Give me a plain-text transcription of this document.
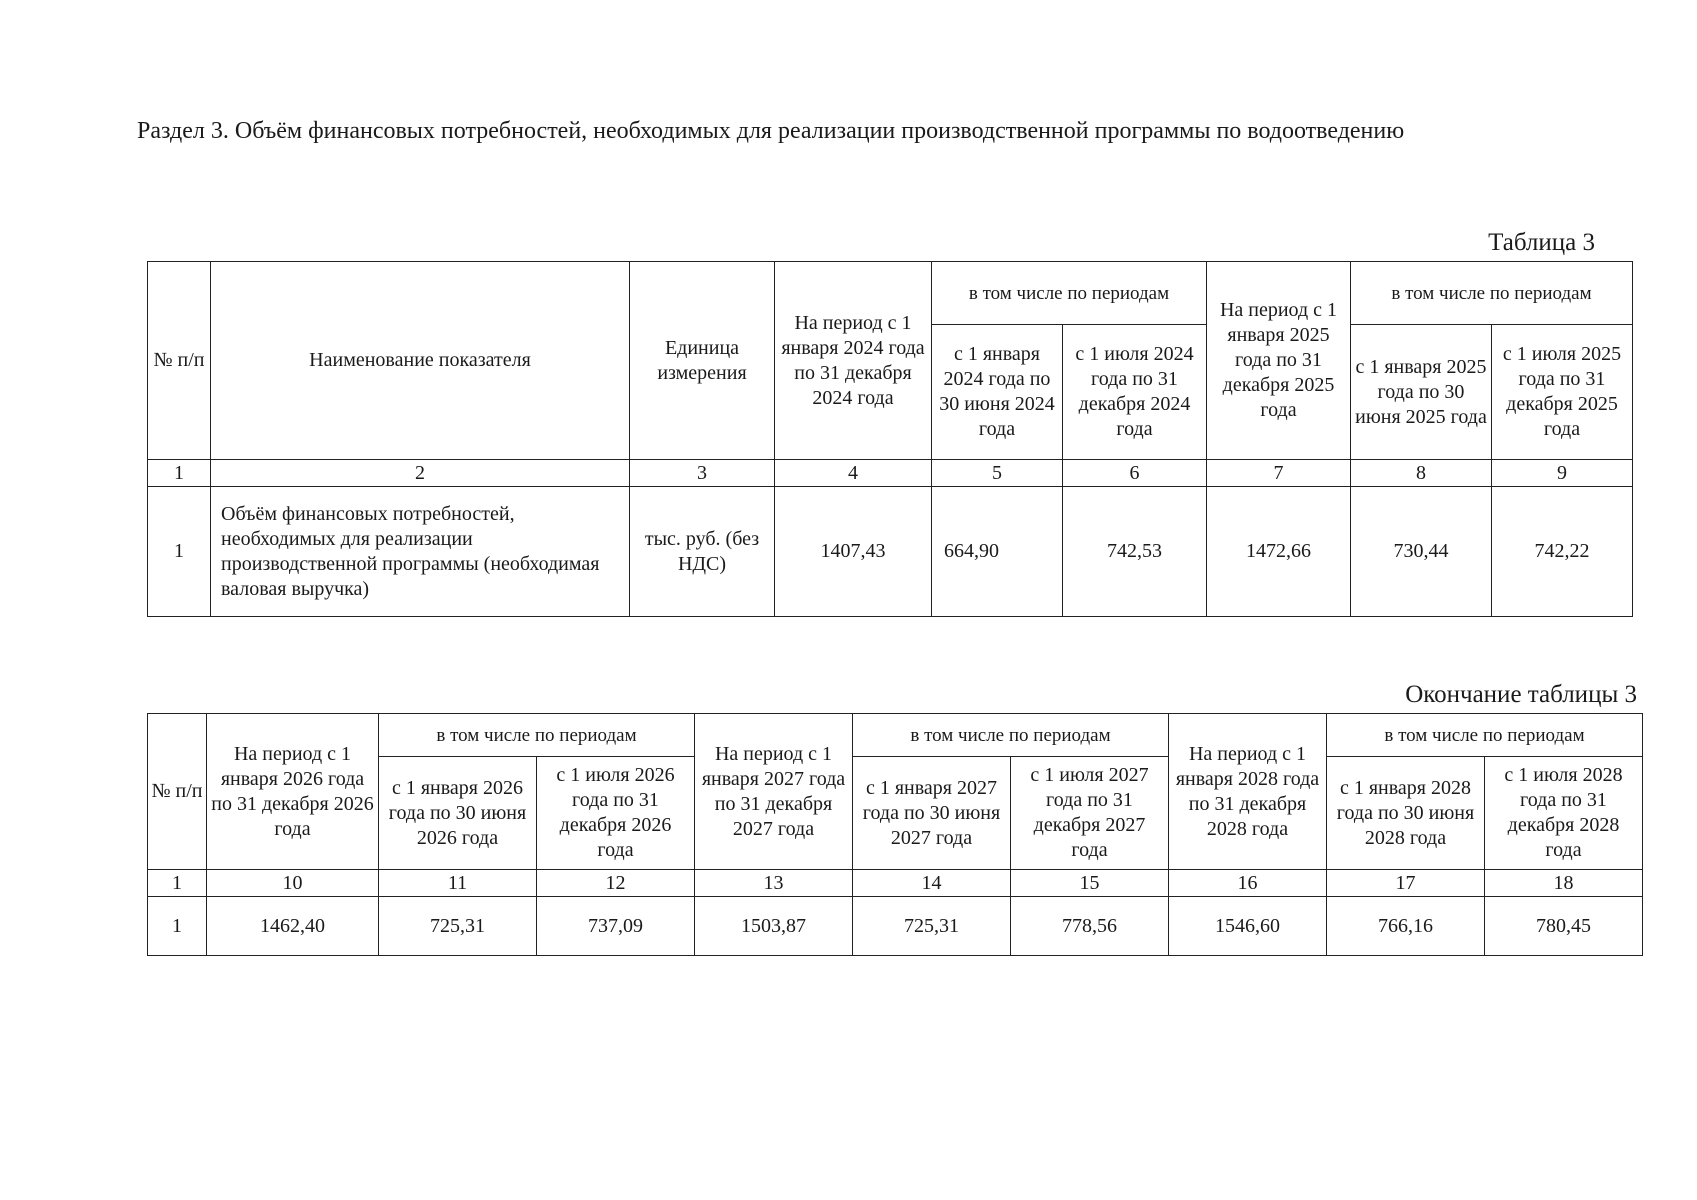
Раздел 3. Объём финансовых потребностей, необходимых для реализации производственной программы по водоотведению
Таблица 3
№ п/п	Наименование показателя	Единица измерения	На период с 1 января 2024 года по 31 декабря 2024 года	в том числе по периодам		На период с 1 января 2025 года по 31 декабря 2025 года	в том числе по периодам	
				с 1 января 2024 года по 30 июня 2024 года	с 1 июля 2024 года по 31 декабря 2024 года		с 1 января 2025 года по 30 июня 2025 года	с 1 июля 2025 года по 31 декабря 2025 года
1	2	3	4	5	6	7	8	9
1	Объём финансовых потребностей, необходимых для реализации производственной программы (необходимая валовая выручка)	тыс. руб. (без НДС)	1407,43	664,90	742,53	1472,66	730,44	742,22
Окончание таблицы 3
№ п/п	На период с 1 января 2026 года по 31 декабря 2026 года	в том числе по периодам		На период с 1 января 2027 года по 31 декабря 2027 года	в том числе по периодам		На период с 1 января 2028 года по 31 декабря 2028 года	в том числе по периодам	
		с 1 января 2026 года по 30 июня 2026 года	с 1 июля 2026 года по 31 декабря 2026 года		с 1 января 2027 года по 30 июня 2027 года	с 1 июля 2027 года по 31 декабря 2027 года		с 1 января 2028 года по 30 июня 2028 года	с 1 июля 2028 года по 31 декабря 2028 года
1	10	11	12	13	14	15	16	17	18
1	1462,40	725,31	737,09	1503,87	725,31	778,56	1546,60	766,16	780,45
